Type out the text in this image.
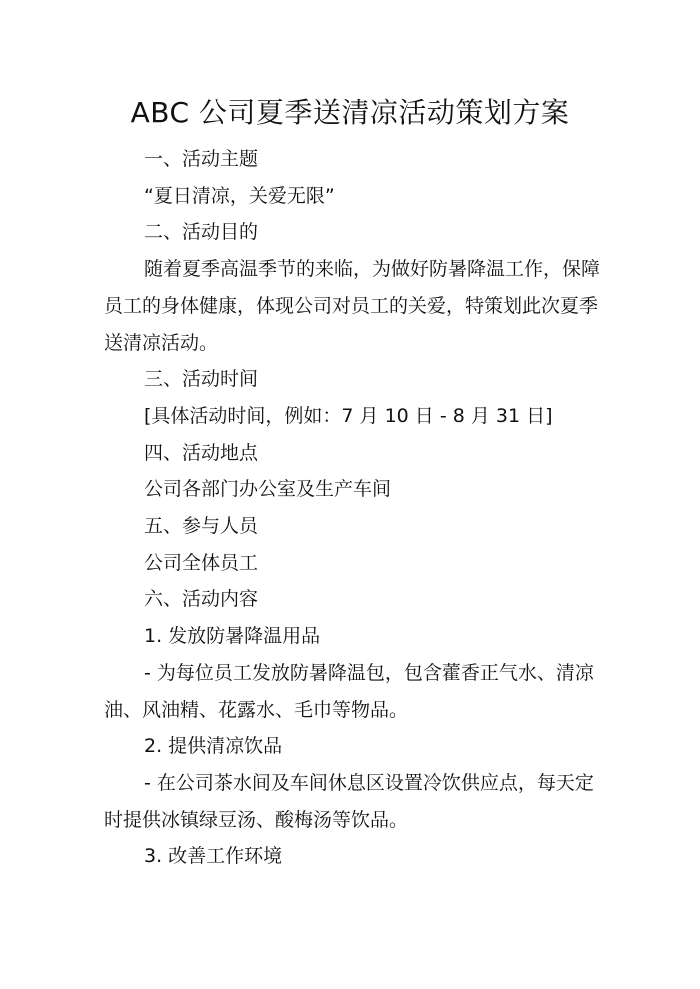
ABC 公司夏季送清凉活动策划方案

一、活动主题

“夏日清凉，关爱无限”

二、活动目的

随着夏季高温季节的来临，为做好防暑降温工作，保障
员工的身体健康，体现公司对员工的关爱，特策划此次夏季
送清凉活动。

三、活动时间

[具体活动时间，例如：7 月 10 日 - 8 月 31 日]

四、活动地点

公司各部门办公室及生产车间

五、参与人员

公司全体员工

六、活动内容

1. 发放防暑降温用品

- 为每位员工发放防暑降温包，包含藿香正气水、清凉
油、风油精、花露水、毛巾等物品。

2. 提供清凉饮品

- 在公司茶水间及车间休息区设置冷饮供应点，每天定
时提供冰镇绿豆汤、酸梅汤等饮品。

3. 改善工作环境
